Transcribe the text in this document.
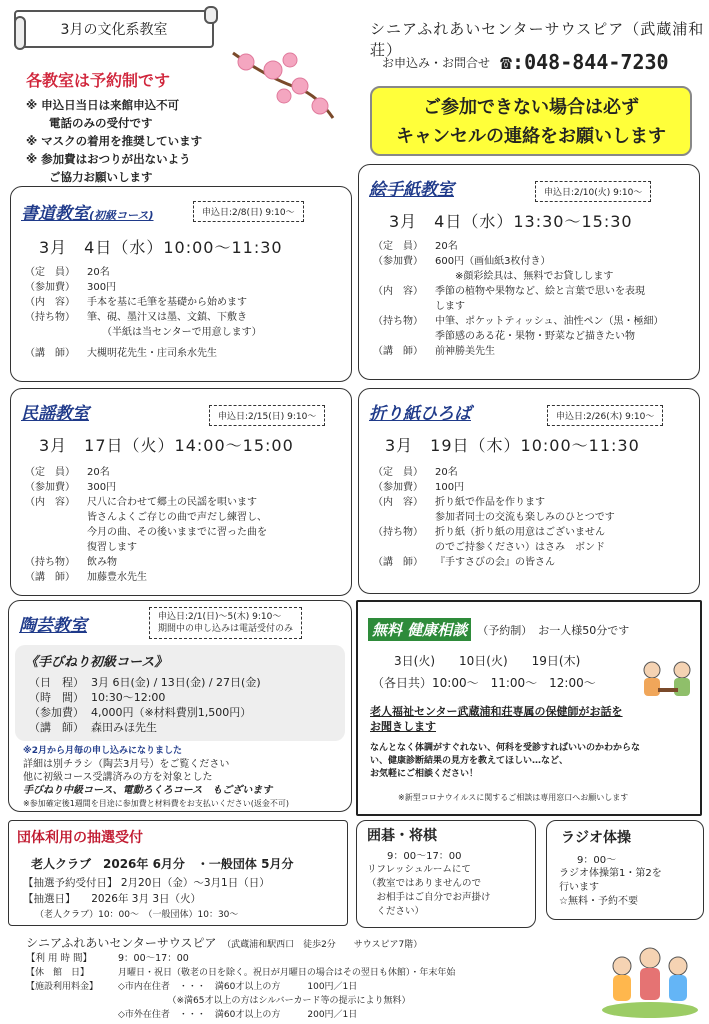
3月の文化系教室
各教室は予約制です
※ 申込日当日は来館申込不可
　　電話のみの受付です
※ マスクの着用を推奨しています
※ 参加費はおつりが出ないよう
　　ご協力お願いします
シニアふれあいセンターサウスピア（武蔵浦和荘）
お申込み・お問合せ ☎:048-844-7230
ご参加できない場合は必ず
キャンセルの連絡をお願いします
書道教室(初級コース)	申込日:2/8(日) 9:10〜
3月　4日（水）10:00〜11:30
（定　員）	20名
（参加費）	300円
（内　容）	手本を基に毛筆を基礎から始めます
（持ち物）	筆、硯、墨汁又は墨、文鎮、下敷き
　　（半紙は当センターで用意します）
（講　師）	大槻明花先生・庄司糸水先生
絵手紙教室	申込日:2/10(火) 9:10〜
3月　4日（水）13:30〜15:30
（定　員）	20名
（参加費）	600円（画仙紙3枚付き）
　　※顔彩絵具は、無料でお貸しします
（内　容）	季節の植物や果物など、絵と言葉で思いを表現
します
（持ち物）	中筆、ポケットティッシュ、油性ペン（黒・極細）
季節感のある花・果物・野菜など描きたい物
（講　師）	前神勝美先生
民謡教室	申込日:2/15(日) 9:10〜
3月　17日（火）14:00〜15:00
（定　員）	20名
（参加費）	300円
（内　容）	尺八に合わせて郷土の民謡を唄います
皆さんよくご存じの曲で声だし練習し、
今月の曲、その後いままでに習った曲を
復習します
（持ち物）	飲み物
（講　師）	加藤豊水先生
折り紙ひろば	申込日:2/26(木) 9:10〜
3月　19日（木）10:00〜11:30
（定　員）	20名
（参加費）	100円
（内　容）	折り紙で作品を作ります
参加者同士の交流も楽しみのひとつです
（持ち物）	折り紙（折り紙の用意はございません
のでご持参ください）はさみ　ボンド
（講　師）	『手すさびの会』の皆さん
陶芸教室	申込日:2/1(日)〜5(木) 9:10〜
期間中の申し込みは電話受付のみ
《手びねり初級コース》
（日　程） 3月 6日(金) / 13日(金) / 27日(金)
（時　間） 10:30〜12:00
（参加費） 4,000円（※材料費別1,500円）
（講　師） 森田みほ先生
※2月から月毎の申し込みになりました
詳細は別チラシ（陶芸3月号）をご覧ください
他に初級コース受講済みの方を対象とした
手びねり中級コース、電動ろくろコース　もございます
※参加確定後1週間を目途に参加費と材料費をお支払いください(返金不可)
無料 健康相談 （予約制） お一人様50分です
3日(火)　　10日(火)　　19日(木)
（各日共）10:00〜　11:00〜　12:00〜
老人福祉センター武蔵浦和荘専属の保健師がお話を
お聞きします
なんとなく体調がすぐれない、何科を受診すればいいのかわからな
い、健康診断結果の見方を教えてほしい…など、
お気軽にご相談ください！
※新型コロナウイルスに関するご相談は専用窓口へお願いします
団体利用の抽選受付
老人クラブ　2026年 6月分　・一般団体 5月分
【抽選予約受付日】 2月20日（金）〜3月1日（日）
【抽選日】　　2026年 3月 3日（火）
（老人クラブ）10：00〜　（一般団体）10：30〜
囲碁・将棋
9：00〜17：00
リフレッシュルームにて
（教室ではありませんので
　お相手はご自分でお声掛け
　ください）
ラジオ体操
9：00〜
ラジオ体操第1・第2を
行います
☆無料・予約不要
シニアふれあいセンターサウスピア　 （武蔵浦和駅西口　徒歩2分　　サウスピア7階）
【利 用 時 間】	9：00〜17：00
【休　館　日】	月曜日・祝日（敬老の日を除く。祝日が月曜日の場合はその翌日も休館）・年末年始
【施設利用料金】	◇市内在住者　・・・　満60才以上の方　　　100円／1日
　　　　　　（※満65才以上の方はシルバーカード等の提示により無料）
◇市外在住者　・・・　満60才以上の方　　　200円／1日
